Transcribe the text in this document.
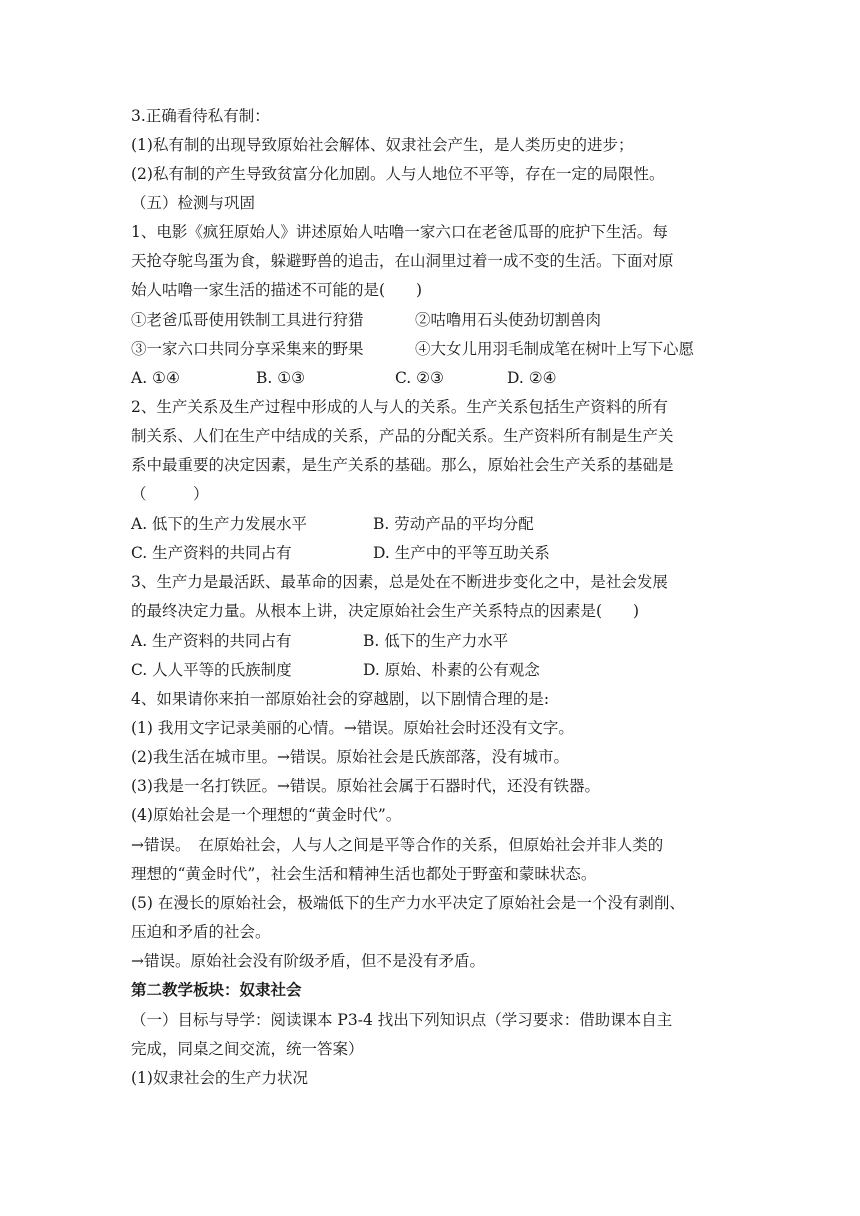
3.正确看待私有制：
(1)私有制的出现导致原始社会解体、奴隶社会产生，是人类历史的进步；
(2)私有制的产生导致贫富分化加剧。人与人地位不平等，存在一定的局限性。
（五）检测与巩固
1、电影《疯狂原始人》讲述原始人咕噜一家六口在老爸瓜哥的庇护下生活。每
天抢夺鸵鸟蛋为食，躲避野兽的追击，在山洞里过着一成不变的生活。下面对原
始人咕噜一家生活的描述不可能的是(　　)
①老爸瓜哥使用铁制工具进行狩猎	②咕噜用石头使劲切割兽肉
③一家六口共同分享采集来的野果	④大女儿用羽毛制成笔在树叶上写下心愿
A. ①④	B. ①③	C. ②③	D. ②④
2、生产关系及生产过程中形成的人与人的关系。生产关系包括生产资料的所有
制关系、人们在生产中结成的关系，产品的分配关系。生产资料所有制是生产关
系中最重要的决定因素，是生产关系的基础。那么，原始社会生产关系的基础是
（　　　）
A. 低下的生产力发展水平	B. 劳动产品的平均分配
C. 生产资料的共同占有	D. 生产中的平等互助关系
3、生产力是最活跃、最革命的因素，总是处在不断进步变化之中，是社会发展
的最终决定力量。从根本上讲，决定原始社会生产关系特点的因素是(　　)
A. 生产资料的共同占有	B. 低下的生产力水平
C. 人人平等的氏族制度	D. 原始、朴素的公有观念
4、如果请你来拍一部原始社会的穿越剧，以下剧情合理的是:
(1) 我用文字记录美丽的心情。→错误。原始社会时还没有文字。
(2)我生活在城市里。→错误。原始社会是氏族部落，没有城市。
(3)我是一名打铁匠。→错误。原始社会属于石器时代，还没有铁器。
(4)原始社会是一个理想的“黄金时代”。
→错误。　在原始社会，人与人之间是平等合作的关系，但原始社会并非人类的
理想的“黄金时代”，社会生活和精神生活也都处于野蛮和蒙昧状态。
(5) 在漫长的原始社会，极端低下的生产力水平决定了原始社会是一个没有剥削、
压迫和矛盾的社会。
→错误。原始社会没有阶级矛盾，但不是没有矛盾。
第二教学板块：奴隶社会
（一）目标与导学：阅读课本 P3-4 找出下列知识点（学习要求：借助课本自主
完成，同桌之间交流，统一答案）
(1)奴隶社会的生产力状况
